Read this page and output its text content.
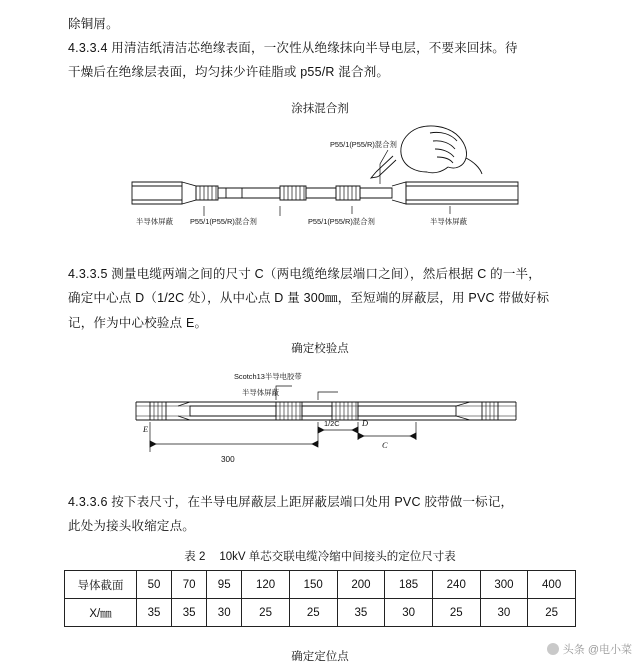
除铜屑。
4.3.3.4 用清洁纸清洁芯绝缘表面，一次性从绝缘抹向半导电层，不要来回抹。待
干燥后在绝缘层表面，均匀抹少许硅脂或 p55/R 混合剂。
涂抹混合剂
P55/1(P55/R)混合剂
半导体屏蔽 P55/1(P55/R)混合剂	P55/1(P55/R)混合剂	半导体屏蔽
4.3.3.5 测量电缆两端之间的尺寸 C（两电缆绝缘层端口之间），然后根据 C 的一半，
确定中心点 D（1/2C 处），从中心点 D 量 300㎜，至短端的屏蔽层，用 PVC 带做好标
记，作为中心校验点 E。
确定校验点
Scotch13半导电胶带
半导体屏蔽
E
1/2C	D
C
300
4.3.3.6 按下表尺寸，在半导电屏蔽层上距屏蔽层端口处用 PVC 胶带做一标记，
此处为接头收缩定点。
表 2 10kV 单芯交联电缆冷缩中间接头的定位尺寸表
导体截面	50	70	95	120	150	200	185	240	300	400
X/㎜	35	35	30	25	25	35	30	25	30	25
确定定位点
头条 @电小菜
